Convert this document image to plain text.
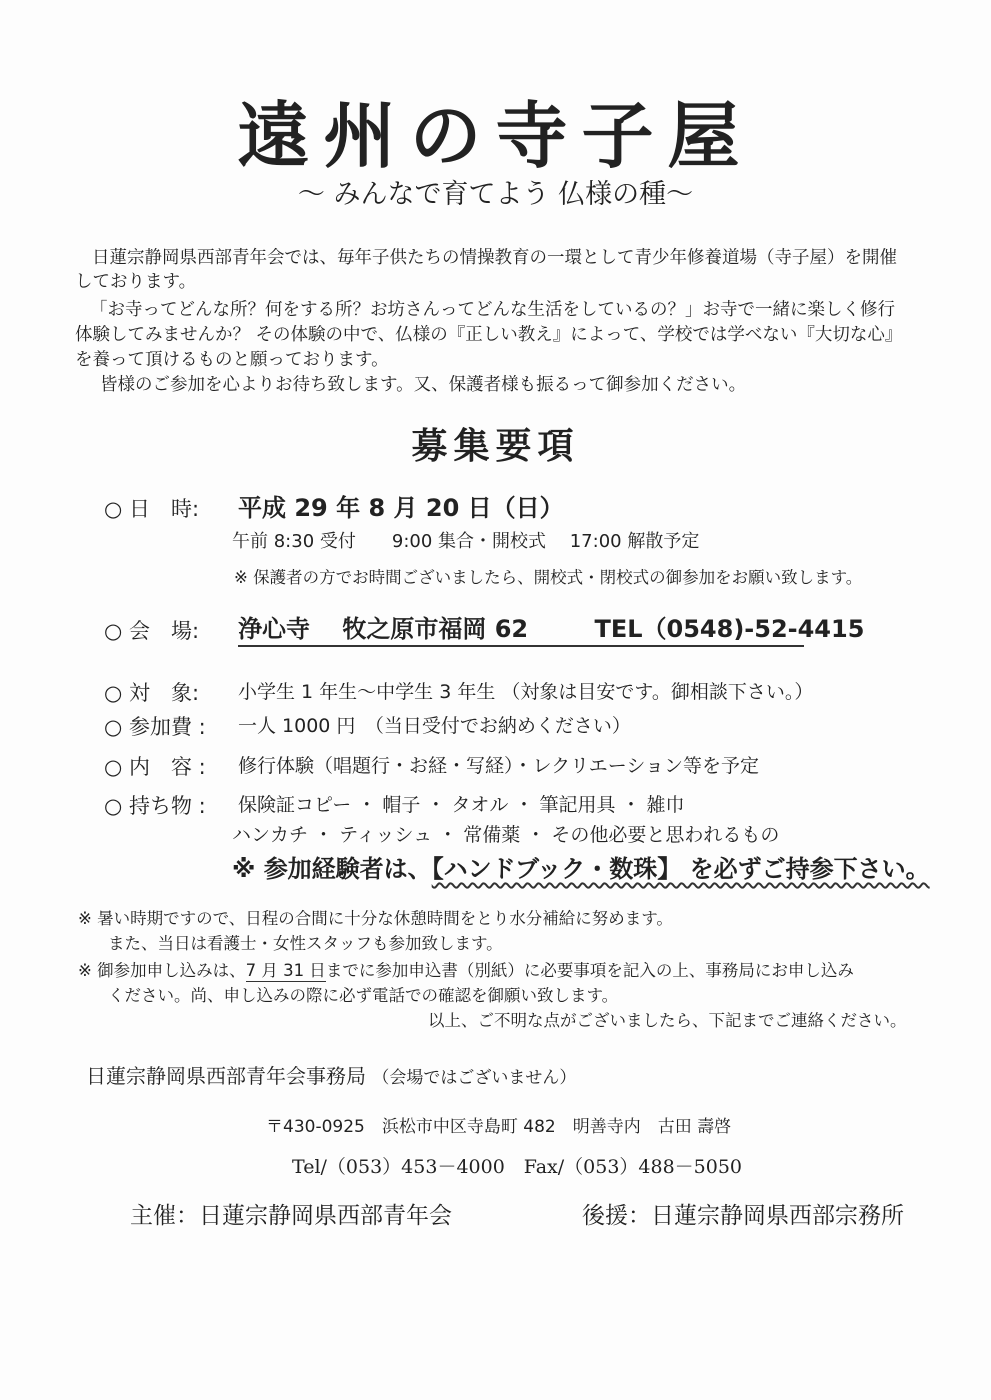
遠州の寺子屋
～ みんなで育てよう 仏様の種～
日蓮宗静岡県西部青年会では、毎年子供たちの情操教育の一環として青少年修養道場（寺子屋）を開催
しております。
「お寺ってどんな所？何をする所？お坊さんってどんな生活をしているの？」お寺で一緒に楽しく修行
体験してみませんか？ その体験の中で、仏様の『正しい教え』によって、学校では学べない『大切な心』
を養って頂けるものと願っております。
皆様のご参加を心よりお待ち致します。又、保護者様も振るって御参加ください。
募集要項
○ 日　時: 平成 29 年 8 月 20 日（日）
午前 8:30 受付　　9:00 集合・開校式　 17:00 解散予定
※ 保護者の方でお時間ございましたら、開校式・閉校式の御参加をお願い致します。
○ 会　場: 浄心寺　 牧之原市福岡 62	TEL（0548)-52-4415
○ 対　象: 小学生 1 年生～中学生 3 年生 （対象は目安です。御相談下さい。）
○ 参加費 : 一人 1000 円　（当日受付でお納めください）
○ 内　容 : 修行体験（唱題行・お経・写経）・レクリエーション等を予定
○ 持ち物 : 保険証コピー ・ 帽子 ・ タオル ・ 筆記用具 ・ 雑巾
ハンカチ ・ ティッシュ ・ 常備薬 ・ その他必要と思われるもの
※ 参加経験者は、【ハンドブック・数珠】 を必ずご持参下さい。
※ 暑い時期ですので、日程の合間に十分な休憩時間をとり水分補給に努めます。
また、当日は看護士・女性スタッフも参加致します。
※ 御参加申し込みは、7 月 31 日までに参加申込書（別紙）に必要事項を記入の上、事務局にお申し込み
ください。尚、申し込みの際に必ず電話での確認を御願い致します。
以上、ご不明な点がございましたら、下記までご連絡ください。
日蓮宗静岡県西部青年会事務局 （会場ではございません）
〒430-0925　浜松市中区寺島町 482　明善寺内　古田 壽啓
Tel/（053）453－4000　Fax/（053）488－5050
主催：日蓮宗静岡県西部青年会	後援：日蓮宗静岡県西部宗務所
